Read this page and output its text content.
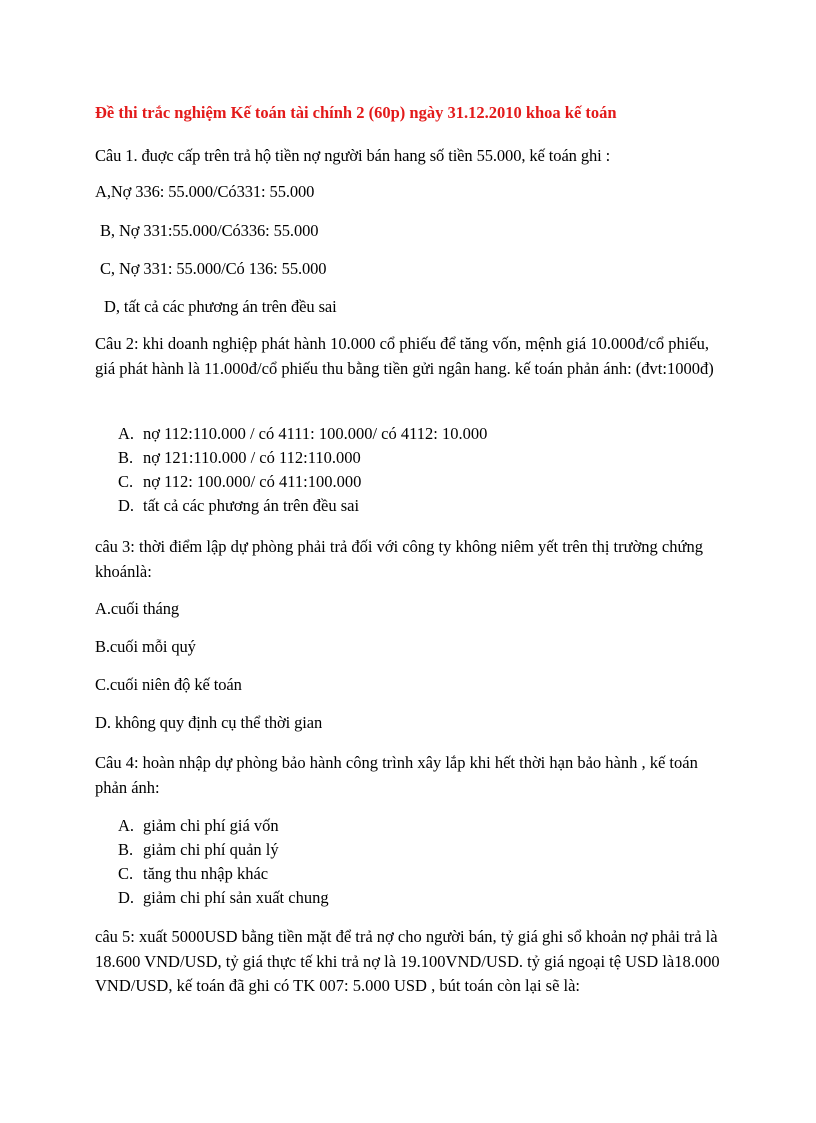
Đề thi trắc nghiệm Kế toán tài chính 2 (60p) ngày 31.12.2010 khoa kế toán
Câu 1. đuợc cấp trên trả hộ tiền nợ người bán hang số tiền 55.000, kế toán ghi :
A,Nợ 336: 55.000/Có331: 55.000
B, Nợ 331:55.000/Có336: 55.000
C, Nợ 331: 55.000/Có 136: 55.000
D, tất cả các phương án trên đều sai
Câu 2: khi doanh nghiệp phát hành 10.000 cổ phiếu để tăng vốn, mệnh giá 10.000đ/cổ phiếu, giá phát hành là 11.000đ/cổ phiếu thu bằng tiền gửi ngân hang. kế toán phản ánh: (đvt:1000đ)
A. nợ 112:110.000 / có 4111: 100.000/ có 4112: 10.000
B. nợ 121:110.000 / có 112:110.000
C. nợ 112: 100.000/ có 411:100.000
D. tất cả các phương án trên đều sai
câu 3: thời điểm lập dự phòng phải trả đối với công ty không niêm yết trên thị trường chứng khoánlà:
A.cuối tháng
B.cuối mỗi quý
C.cuối niên độ kế toán
D. không quy định cụ thể thời gian
Câu 4: hoàn nhập dự phòng bảo hành công trình xây lắp khi hết thời hạn bảo hành , kế toán phản ánh:
A. giảm chi phí giá vốn
B. giảm chi phí quản lý
C. tăng thu nhập khác
D. giảm chi phí sản xuất chung
câu 5: xuất 5000USD bằng tiền mặt để trả nợ cho người bán, tỷ giá ghi sổ khoản nợ phải trả là 18.600 VND/USD, tỷ giá thực tế khi trả nợ là 19.100VND/USD. tỷ giá ngoại tệ USD là18.000 VND/USD, kế toán đã ghi có TK 007: 5.000 USD , bút toán còn lại sẽ là:
